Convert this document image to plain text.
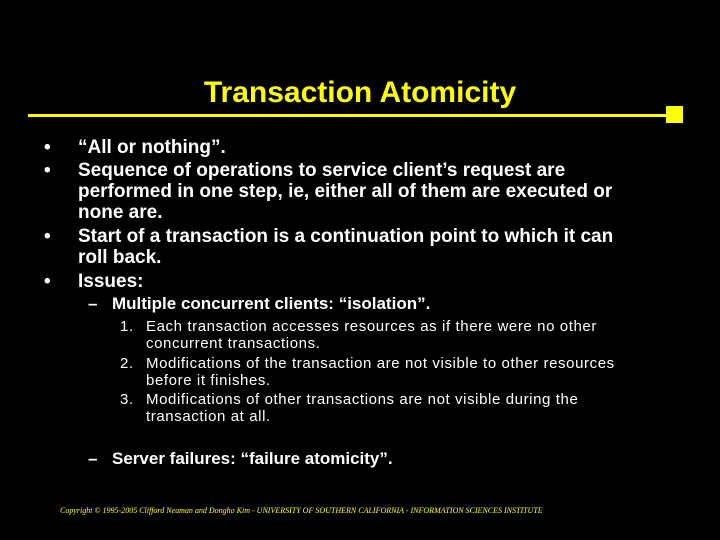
Transaction Atomicity
• “All or nothing”.
• Sequence of operations to service client’s request are performed in one step, ie, either all of them are executed or none are.
• Start of a transaction is a continuation point to which it can roll back.
• Issues:
– Multiple concurrent clients: “isolation”.
1. Each transaction accesses resources as if there were no other concurrent transactions.
2. Modifications of the transaction are not visible to other resources before it finishes.
3. Modifications of other transactions are not visible during the transaction at all.
– Server failures: “failure atomicity”.
Copyright © 1995-2005 Clifford Neuman and Dongho Kim - UNIVERSITY OF SOUTHERN CALIFORNIA - INFORMATION SCIENCES INSTITUTE
